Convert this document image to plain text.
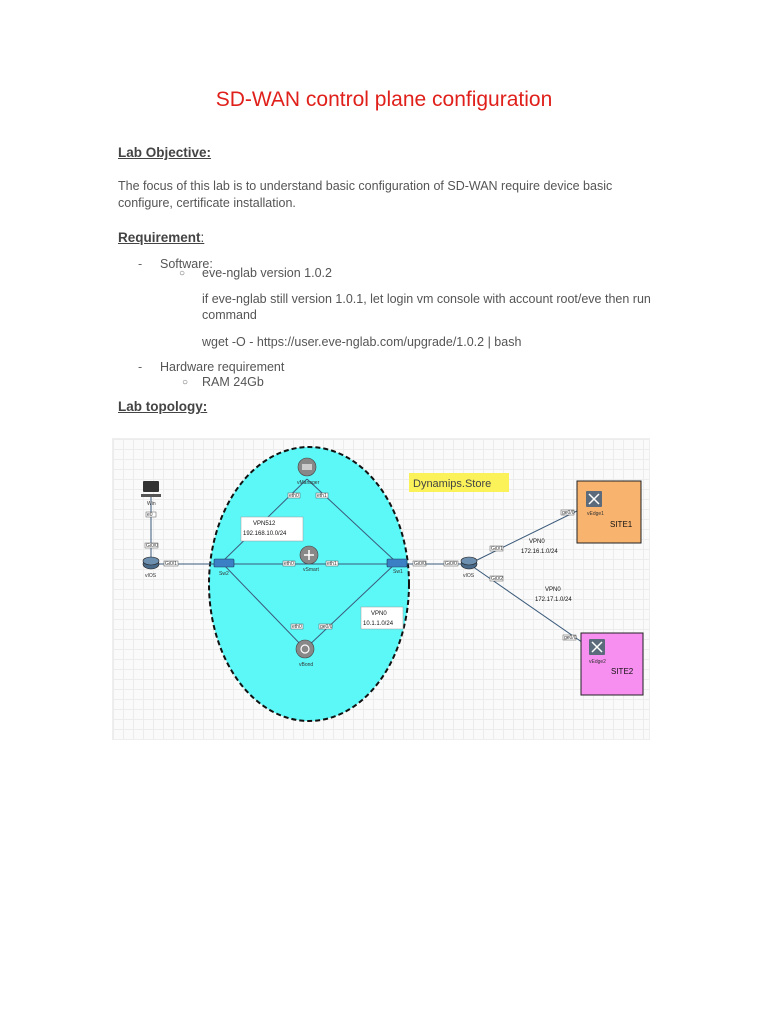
SD-WAN control plane configuration
Lab Objective:
The focus of this lab is to understand basic configuration of SD-WAN require device basic configure, certificate installation.
Requirement:
- Software:
○ eve-nglab version 1.0.2
if eve-nglab still version 1.0.1, let login vm console with account root/eve then run command
wget -O - https://user.eve-nglab.com/upgrade/1.0.2 | bash
- Hardware requirement
○ RAM 24Gb
Lab topology:
Win
e0
vIOS
Gi0/0
Sw2
Gi0/1
Sw1
Gi0/0
vManager
eth0	eth1
vSmart
eth0	eth1
vBond
eth0	ge0/0
VPN512
192.168.10.0/24
VPN0
10.1.1.0/24
Dynamips.Store
vIOS
Gi0/1
Gi0/2
Gi0/0
VPN0
172.16.1.0/24
VPN0
172.17.1.0/24
vEdge1
ge0/0
SITE1
vEdge2
ge0/0
SITE2
